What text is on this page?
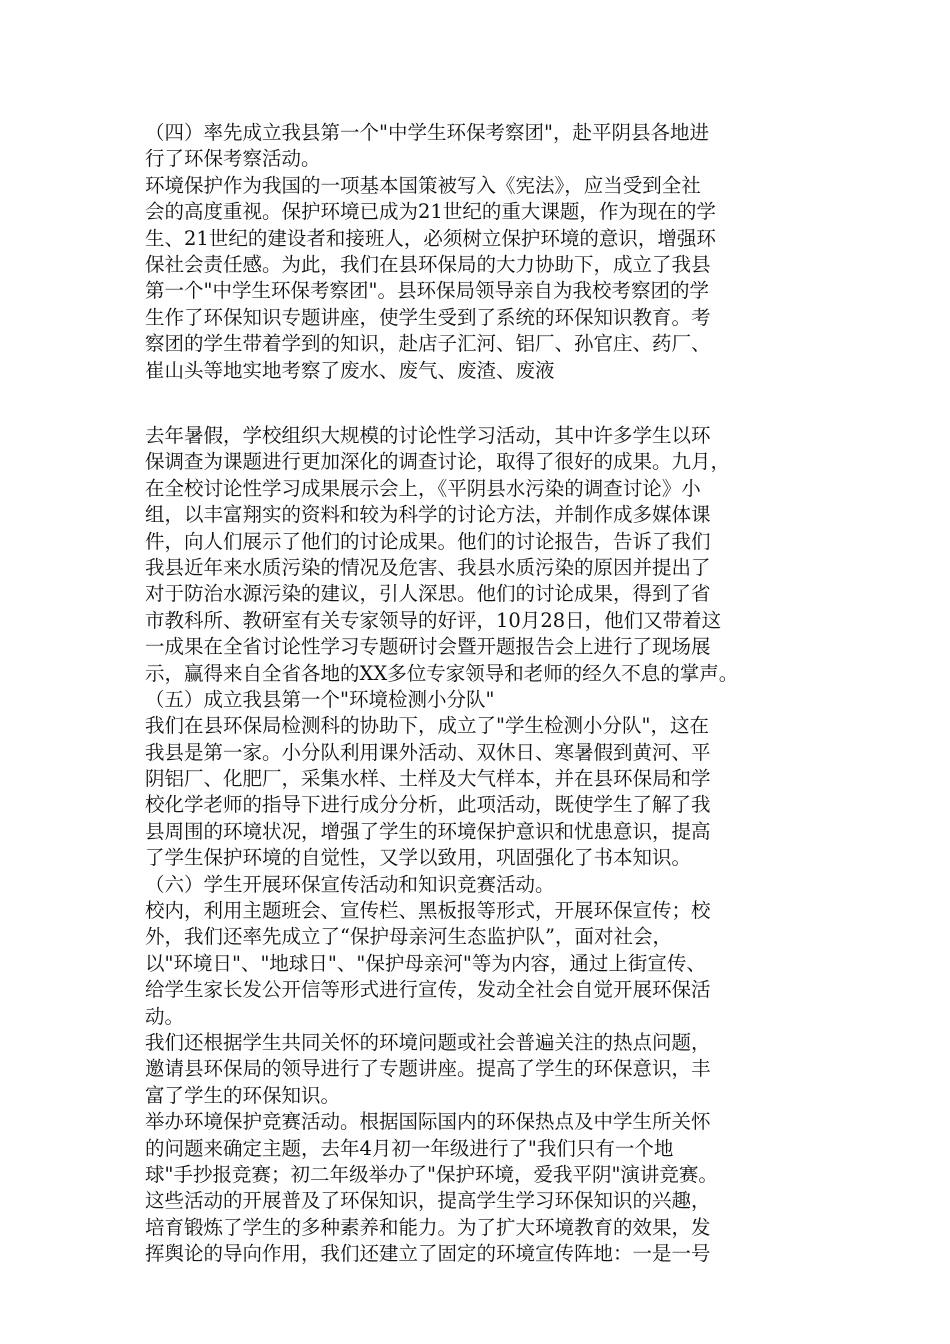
（四）率先成立我县第一个"中学生环保考察团"，赴平阴县各地进
行了环保考察活动。
环境保护作为我国的一项基本国策被写入《宪法》，应当受到全社
会的高度重视。保护环境已成为21世纪的重大课题，作为现在的学
生、21世纪的建设者和接班人，必须树立保护环境的意识，增强环
保社会责任感。为此，我们在县环保局的大力协助下，成立了我县
第一个"中学生环保考察团"。县环保局领导亲自为我校考察团的学
生作了环保知识专题讲座，使学生受到了系统的环保知识教育。考
察团的学生带着学到的知识，赴店子汇河、铝厂、孙官庄、药厂、
崔山头等地实地考察了废水、废气、废渣、废液
去年暑假，学校组织大规模的讨论性学习活动，其中许多学生以环
保调查为课题进行更加深化的调查讨论，取得了很好的成果。九月，
在全校讨论性学习成果展示会上，《平阴县水污染的调查讨论》小
组，以丰富翔实的资料和较为科学的讨论方法，并制作成多媒体课
件，向人们展示了他们的讨论成果。他们的讨论报告，告诉了我们
我县近年来水质污染的情况及危害、我县水质污染的原因并提出了
对于防治水源污染的建议，引人深思。他们的讨论成果，得到了省
市教科所、教研室有关专家领导的好评，10月28日，他们又带着这
一成果在全省讨论性学习专题研讨会暨开题报告会上进行了现场展
示，赢得来自全省各地的XX多位专家领导和老师的经久不息的掌声。
（五）成立我县第一个"环境检测小分队"
我们在县环保局检测科的协助下，成立了"学生检测小分队"，这在
我县是第一家。小分队利用课外活动、双休日、寒暑假到黄河、平
阴铝厂、化肥厂，采集水样、土样及大气样本，并在县环保局和学
校化学老师的指导下进行成分分析，此项活动，既使学生了解了我
县周围的环境状况，增强了学生的环境保护意识和忧患意识，提高
了学生保护环境的自觉性，又学以致用，巩固强化了书本知识。
（六）学生开展环保宣传活动和知识竞赛活动。
校内，利用主题班会、宣传栏、黑板报等形式，开展环保宣传；校
外，我们还率先成立了“保护母亲河生态监护队”，面对社会，
以"环境日"、"地球日"、"保护母亲河"等为内容，通过上街宣传、
给学生家长发公开信等形式进行宣传，发动全社会自觉开展环保活
动。
我们还根据学生共同关怀的环境问题或社会普遍关注的热点问题，
邀请县环保局的领导进行了专题讲座。提高了学生的环保意识，丰
富了学生的环保知识。
举办环境保护竞赛活动。根据国际国内的环保热点及中学生所关怀
的问题来确定主题，去年4月初一年级进行了"我们只有一个地
球"手抄报竞赛；初二年级举办了"保护环境，爱我平阴"演讲竞赛。
这些活动的开展普及了环保知识，提高学生学习环保知识的兴趣，
培育锻炼了学生的多种素养和能力。为了扩大环境教育的效果，发
挥舆论的导向作用，我们还建立了固定的环境宣传阵地：一是一号
